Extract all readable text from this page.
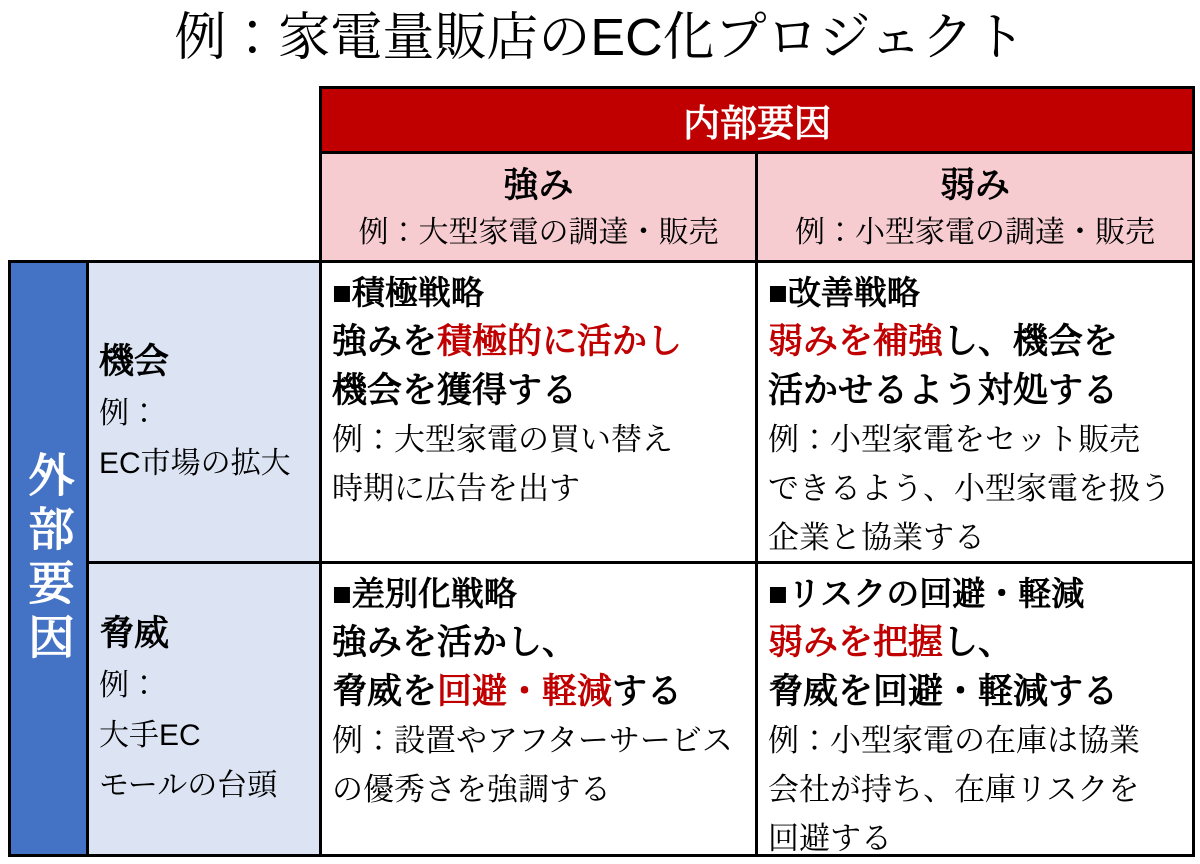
例：家電量販店のEC化プロジェクト
内部要因
強み
例：大型家電の調達・販売
弱み
例：小型家電の調達・販売
外部要因
機会
例：
EC市場の拡大
■積極戦略
強みを積極的に活かし
機会を獲得する
例：大型家電の買い替え
時期に広告を出す
■改善戦略
弱みを補強し、機会を
活かせるよう対処する
例：小型家電をセット販売
できるよう、小型家電を扱う
企業と協業する
脅威
例：
大手EC
モールの台頭
■差別化戦略
強みを活かし、
脅威を回避・軽減する
例：設置やアフターサービス
の優秀さを強調する
■リスクの回避・軽減
弱みを把握し、
脅威を回避・軽減する
例：小型家電の在庫は協業
会社が持ち、在庫リスクを
回避する
